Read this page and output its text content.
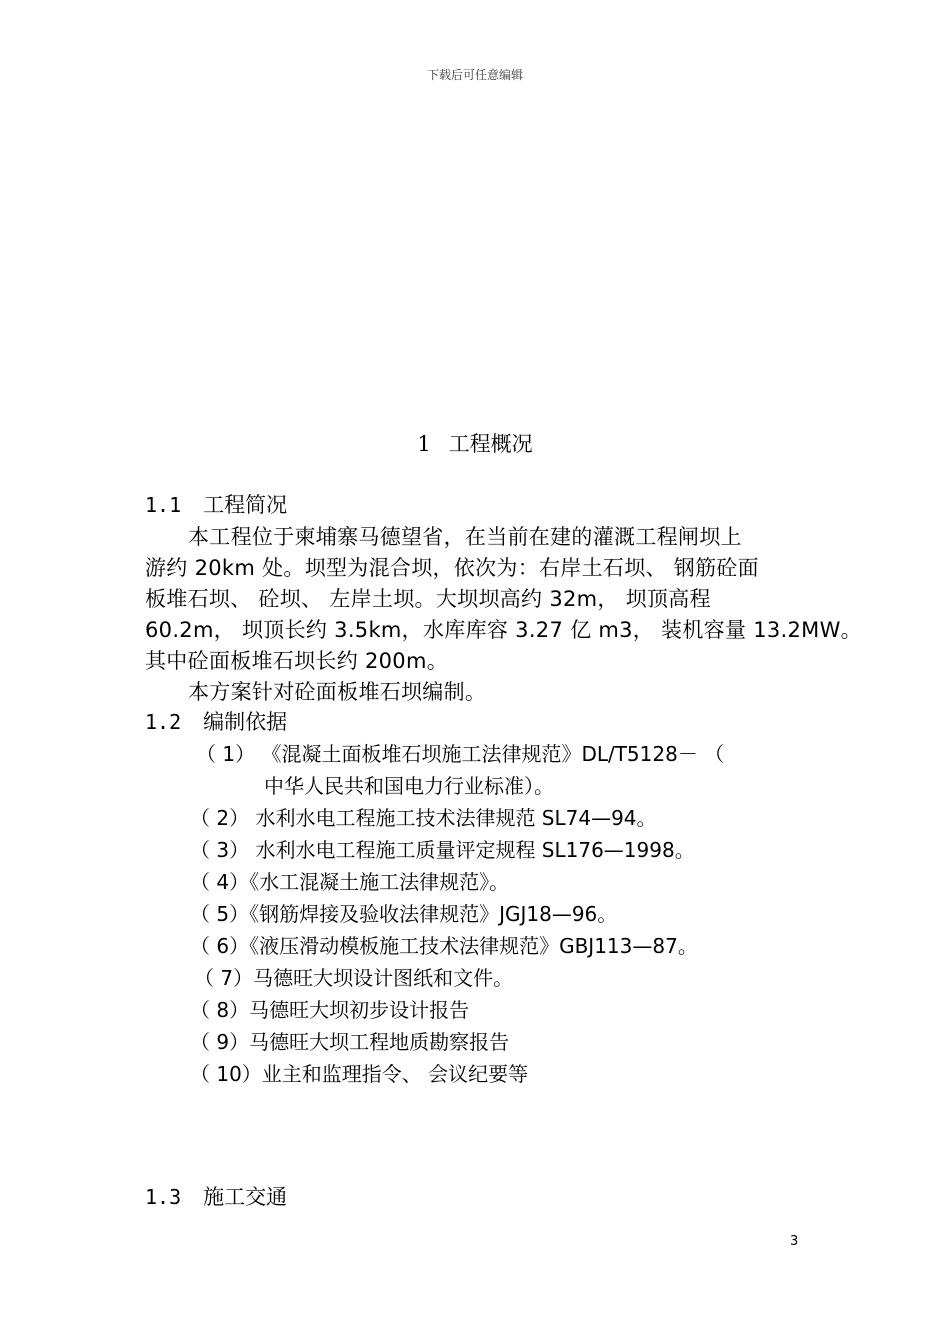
下载后可任意编辑
1 工程概况
1.1 工程简况
本工程位于柬埔寨马德望省，在当前在建的灌溉工程闸坝上
游约 20km 处。坝型为混合坝，依次为：右岸土石坝、 钢筋砼面
板堆石坝、 砼坝、 左岸土坝。大坝坝高约 32m， 坝顶高程
60.2m， 坝顶长约 3.5km，水库库容 3.27 亿 m3， 装机容量 13.2MW。
其中砼面板堆石坝长约 200m。
本方案针对砼面板堆石坝编制。
1.2 编制依据
（ 1） 《混凝土面板堆石坝施工法律规范》DL/T5128－ （
中华人民共和国电力行业标准）。
（ 2） 水利水电工程施工技术法律规范 SL74—94。
（ 3） 水利水电工程施工质量评定规程 SL176—1998。
（ 4）《水工混凝土施工法律规范》。
（ 5）《钢筋焊接及验收法律规范》JGJ18—96。
（ 6）《液压滑动模板施工技术法律规范》GBJ113—87。
（ 7）马德旺大坝设计图纸和文件。
（ 8）马德旺大坝初步设计报告
（ 9）马德旺大坝工程地质勘察报告
（ 10）业主和监理指令、 会议纪要等
1.3 施工交通
3
